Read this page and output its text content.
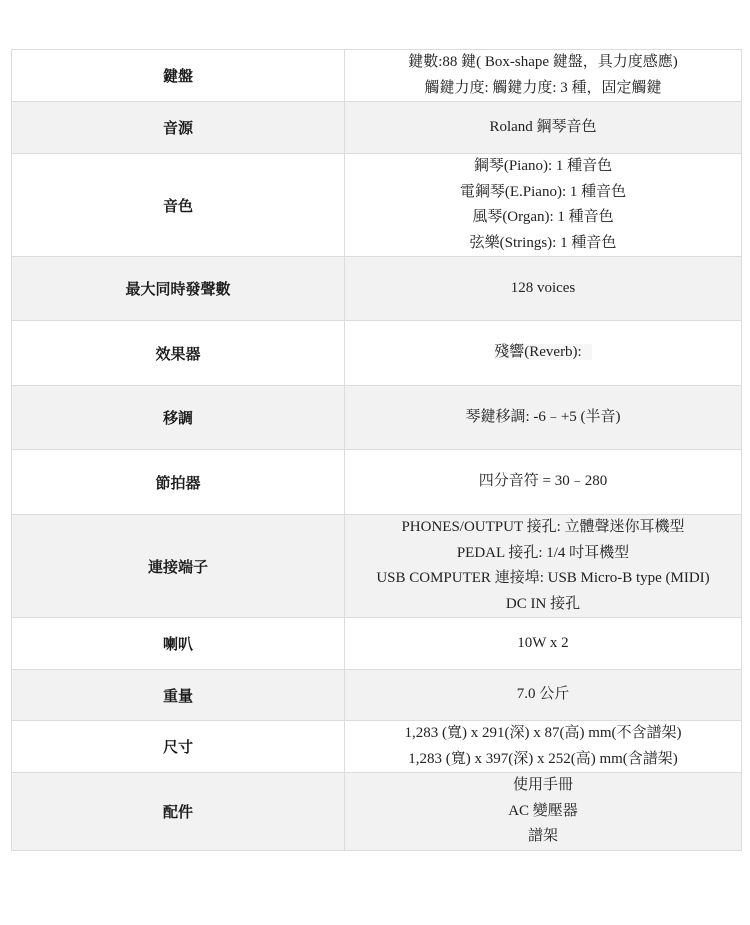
鍵盤	鍵數:88 鍵( Box-shape 鍵盤，具力度感應)
觸鍵力度: 觸鍵力度: 3 種，固定觸鍵

音源	Roland 鋼琴音色

音色	鋼琴(Piano): 1 種音色
電鋼琴(E.Piano): 1 種音色
風琴(Organ): 1 種音色
弦樂(Strings): 1 種音色

最大同時發聲數	128 voices

效果器	殘響(Reverb):

移調	琴鍵移調: -6﹣+5 (半音)

節拍器	四分音符 = 30﹣280

連接端子	PHONES/OUTPUT 接孔: 立體聲迷你耳機型
PEDAL 接孔: 1/4 吋耳機型
USB COMPUTER 連接埠: USB Micro-B type (MIDI)
DC IN 接孔

喇叭	10W x 2

重量	7.0 公斤

尺寸	1,283 (寬) x 291(深) x 87(高) mm(不含譜架)
1,283 (寬) x 397(深) x 252(高) mm(含譜架)

配件	使用手冊
AC 變壓器
譜架
